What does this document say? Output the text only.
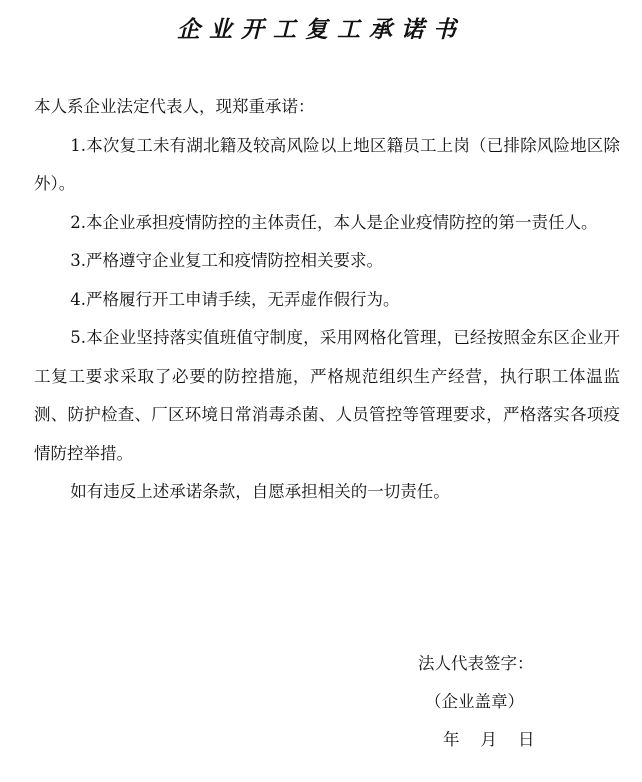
企业开工复工承诺书

本人系企业法定代表人，现郑重承诺：

1.本次复工未有湖北籍及较高风险以上地区籍员工上岗（已排除风险地区除外）。

2.本企业承担疫情防控的主体责任，本人是企业疫情防控的第一责任人。

3.严格遵守企业复工和疫情防控相关要求。

4.严格履行开工申请手续，无弄虚作假行为。

5.本企业坚持落实值班值守制度，采用网格化管理，已经按照金东区企业开工复工要求采取了必要的防控措施，严格规范组织生产经营，执行职工体温监测、防护检查、厂区环境日常消毒杀菌、人员管控等管理要求，严格落实各项疫情防控举措。

如有违反上述承诺条款，自愿承担相关的一切责任。

法人代表签字：
（企业盖章）
年    月    日
